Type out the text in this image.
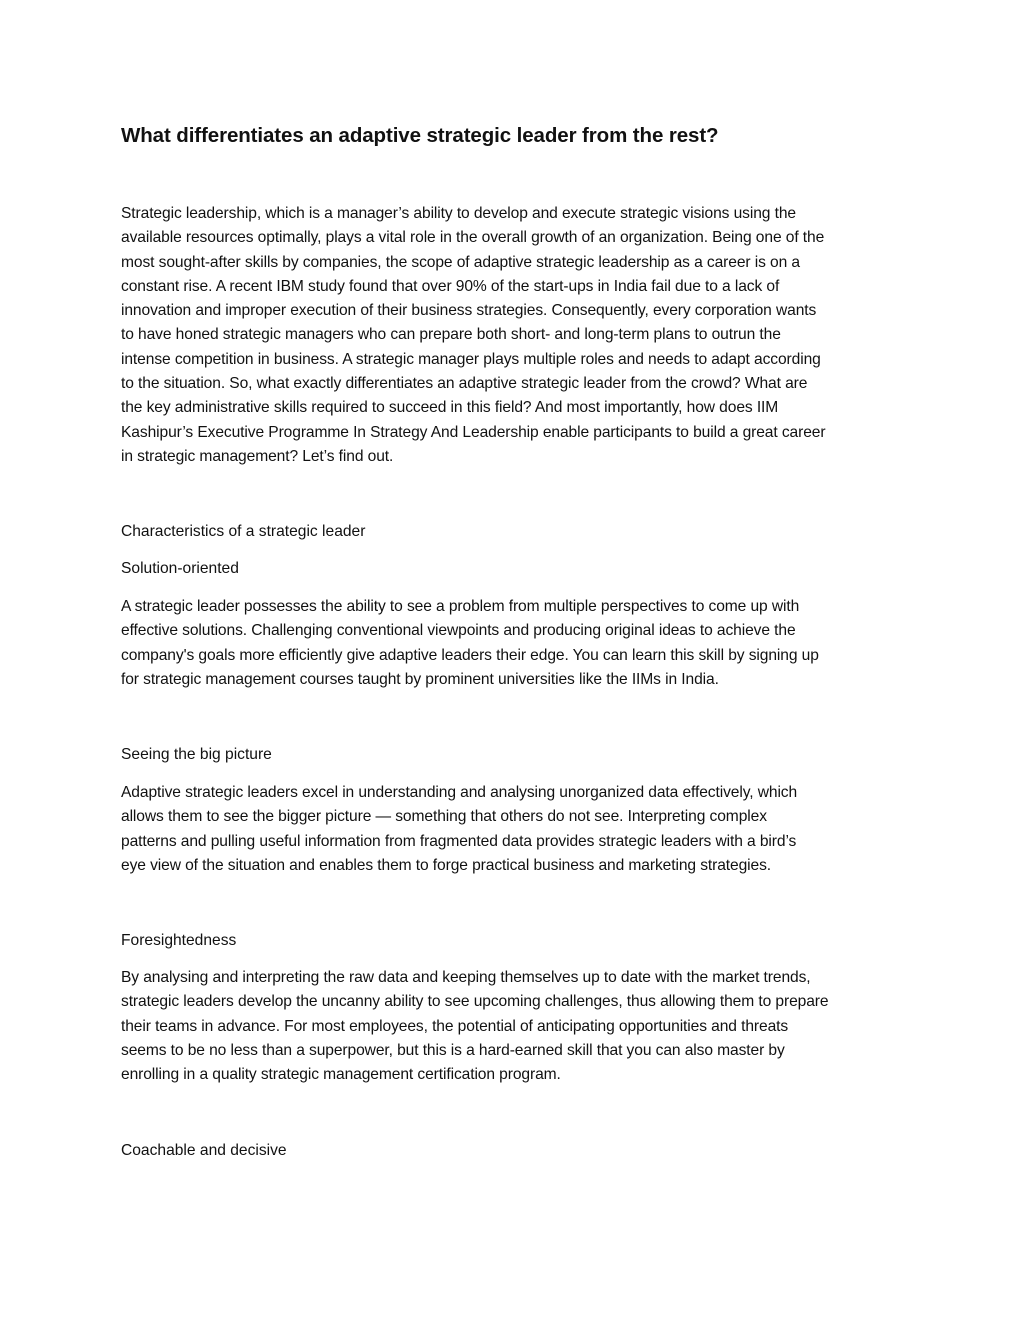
What differentiates an adaptive strategic leader from the rest?

Strategic leadership, which is a manager’s ability to develop and execute strategic visions using the
available resources optimally, plays a vital role in the overall growth of an organization. Being one of the
most sought-after skills by companies, the scope of adaptive strategic leadership as a career is on a
constant rise. A recent IBM study found that over 90% of the start-ups in India fail due to a lack of
innovation and improper execution of their business strategies. Consequently, every corporation wants
to have honed strategic managers who can prepare both short- and long-term plans to outrun the
intense competition in business. A strategic manager plays multiple roles and needs to adapt according
to the situation. So, what exactly differentiates an adaptive strategic leader from the crowd? What are
the key administrative skills required to succeed in this field? And most importantly, how does IIM
Kashipur’s Executive Programme In Strategy And Leadership enable participants to build a great career
in strategic management? Let’s find out.

Characteristics of a strategic leader
Solution-oriented

A strategic leader possesses the ability to see a problem from multiple perspectives to come up with
effective solutions. Challenging conventional viewpoints and producing original ideas to achieve the
company's goals more efficiently give adaptive leaders their edge. You can learn this skill by signing up
for strategic management courses taught by prominent universities like the IIMs in India.

Seeing the big picture

Adaptive strategic leaders excel in understanding and analysing unorganized data effectively, which
allows them to see the bigger picture — something that others do not see. Interpreting complex
patterns and pulling useful information from fragmented data provides strategic leaders with a bird’s
eye view of the situation and enables them to forge practical business and marketing strategies.

Foresightedness

By analysing and interpreting the raw data and keeping themselves up to date with the market trends,
strategic leaders develop the uncanny ability to see upcoming challenges, thus allowing them to prepare
their teams in advance. For most employees, the potential of anticipating opportunities and threats
seems to be no less than a superpower, but this is a hard-earned skill that you can also master by
enrolling in a quality strategic management certification program.

Coachable and decisive
